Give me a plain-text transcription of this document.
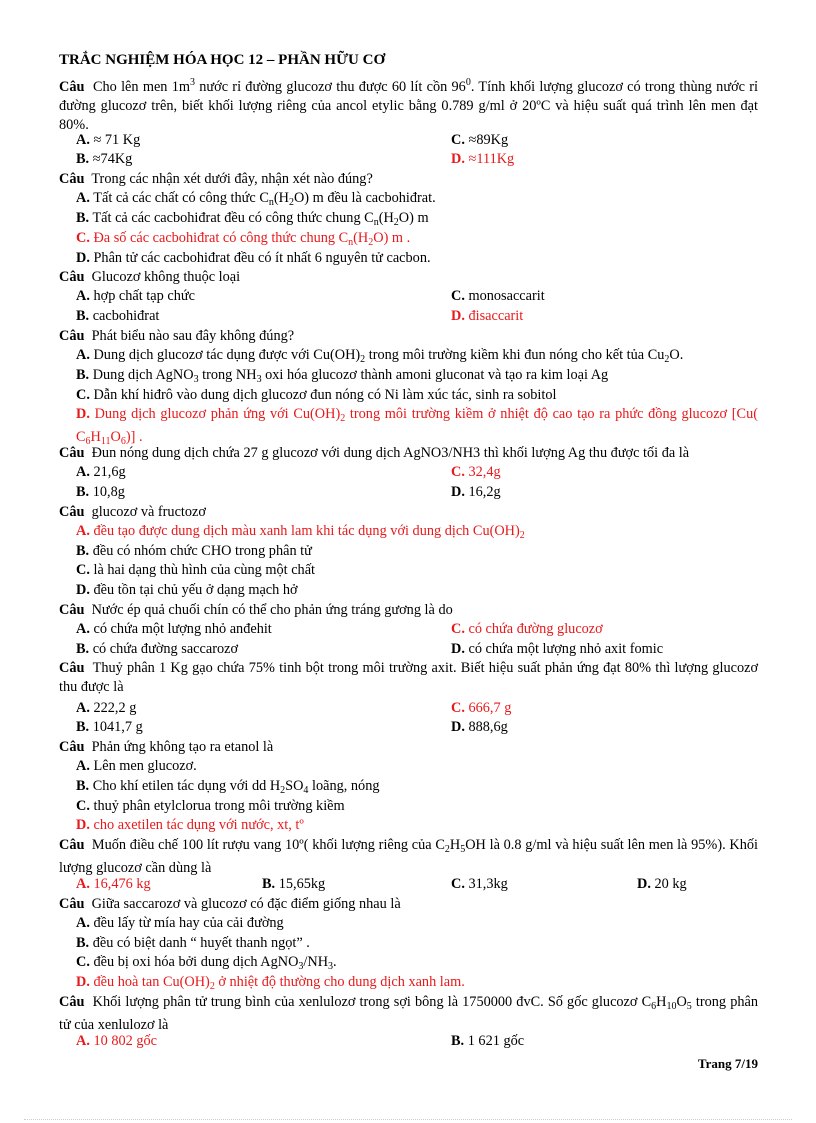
TRẮC NGHIỆM HÓA HỌC 12 – PHẦN HỮU CƠ
Câu Cho lên men $1m^3$ nước rỉ đường glucozơ thu được 60 lít cồn $96^0$. Tính khối lượng glucozơ có trong thùng nước rỉ đường glucozơ trên, biết khối lượng riêng của ancol etylic bằng 0.789 g/ml ở 20ºC và hiệu suất quá trình lên men đạt 80%.
A. ≈ 71 Kg	C. ≈89Kg
B. ≈74Kg	D. ≈111Kg
Câu Trong các nhận xét dưới đây, nhận xét nào đúng?
A. Tất cả các chất có công thức $C_n(H_2O)$ m đều là cacbohiđrat.
B. Tất cả các cacbohiđrat đều có công thức chung $C_n(H_2O)$ m
C. Đa số các cacbohiđrat có công thức chung $C_n(H_2O)$ m .
D. Phân tử các cacbohiđrat đều có ít nhất 6 nguyên tử cacbon.
Câu Glucozơ không thuộc loại
A. hợp chất tạp chức	C. monosaccarit
B. cacbohiđrat	D. đisaccarit
Câu Phát biểu nào sau đây không đúng?
A. Dung dịch glucozơ tác dụng được với $Cu(OH)_2$ trong môi trường kiềm khi đun nóng cho kết tủa $Cu_2O$.
B. Dung dịch AgNO$_3$ trong $NH_3$ oxi hóa glucozơ thành amoni gluconat và tạo ra kim loại Ag
C. Dẫn khí hiđrô vào dung dịch glucozơ đun nóng có Ni làm xúc tác, sinh ra sobitol
D. Dung dịch glucozơ phản ứng với $Cu(OH)_2$ trong môi trường kiềm ở nhiệt độ cao tạo ra phức đồng glucozơ [Cu( $C_6H_{11}O_6$)] .
Câu Đun nóng dung dịch chứa 27 g glucozơ với dung dịch AgNO3/NH3 thì khối lượng Ag thu được tối đa là
A. 21,6g	C. 32,4g
B. 10,8g	D. 16,2g
Câu glucozơ và fructozơ
A. đều tạo được dung dịch màu xanh lam khi tác dụng với dung dịch $Cu(OH)_2$
B. đều có nhóm chức CHO trong phân tử
C. là hai dạng thù hình của cùng một chất
D. đều tồn tại chủ yếu ở dạng mạch hở
Câu Nước ép quả chuối chín có thể cho phản ứng tráng gương là do
A. có chứa một lượng nhỏ anđehit	C. có chứa đường glucozơ
B. có chứa đường saccarozơ	D. có chứa một lượng nhỏ axit fomic
Câu Thuỷ phân 1 Kg gạo chứa 75% tinh bột trong môi trường axit. Biết hiệu suất phản ứng đạt 80% thì lượng glucozơ thu được là
A. 222,2 g	C. 666,7 g
B. 1041,7 g	D. 888,6g
Câu Phản ứng không tạo ra etanol là
A. Lên men glucozơ.
B. Cho khí etilen tác dụng với dd $H_2SO_4$ loãng, nóng
C. thuỷ phân etylclorua trong môi trường kiềm
D. cho axetilen tác dụng với nước, xt, tº
Câu Muốn điều chế 100 lít rượu vang 10º( khối lượng riêng của $C_2H_5OH$ là 0.8 g/ml và hiệu suất lên men là 95%). Khối lượng glucozơ cần dùng là
A. 16,476 kg	B. 15,65kg	C. 31,3kg	D. 20 kg
Câu Giữa saccarozơ và glucozơ có đặc điểm giống nhau là
A. đều lấy từ mía hay của cải đường
B. đều có biệt danh “ huyết thanh ngọt” .
C. đều bị oxi hóa bởi dung dịch $AgNO_3/NH_3$.
D. đều hoà $\tan Cu(OH)_2$ ở nhiệt độ thường cho dung dịch xanh lam.
Câu Khối lượng phân tử trung bình của xenlulozơ trong sợi bông là 1750000 đvC. Số gốc glucozơ $C_6H_{10}O_5$ trong phân tử của xenlulozơ là
A. 10 802 gốc	B. 1 621 gốc
Trang 7/19
